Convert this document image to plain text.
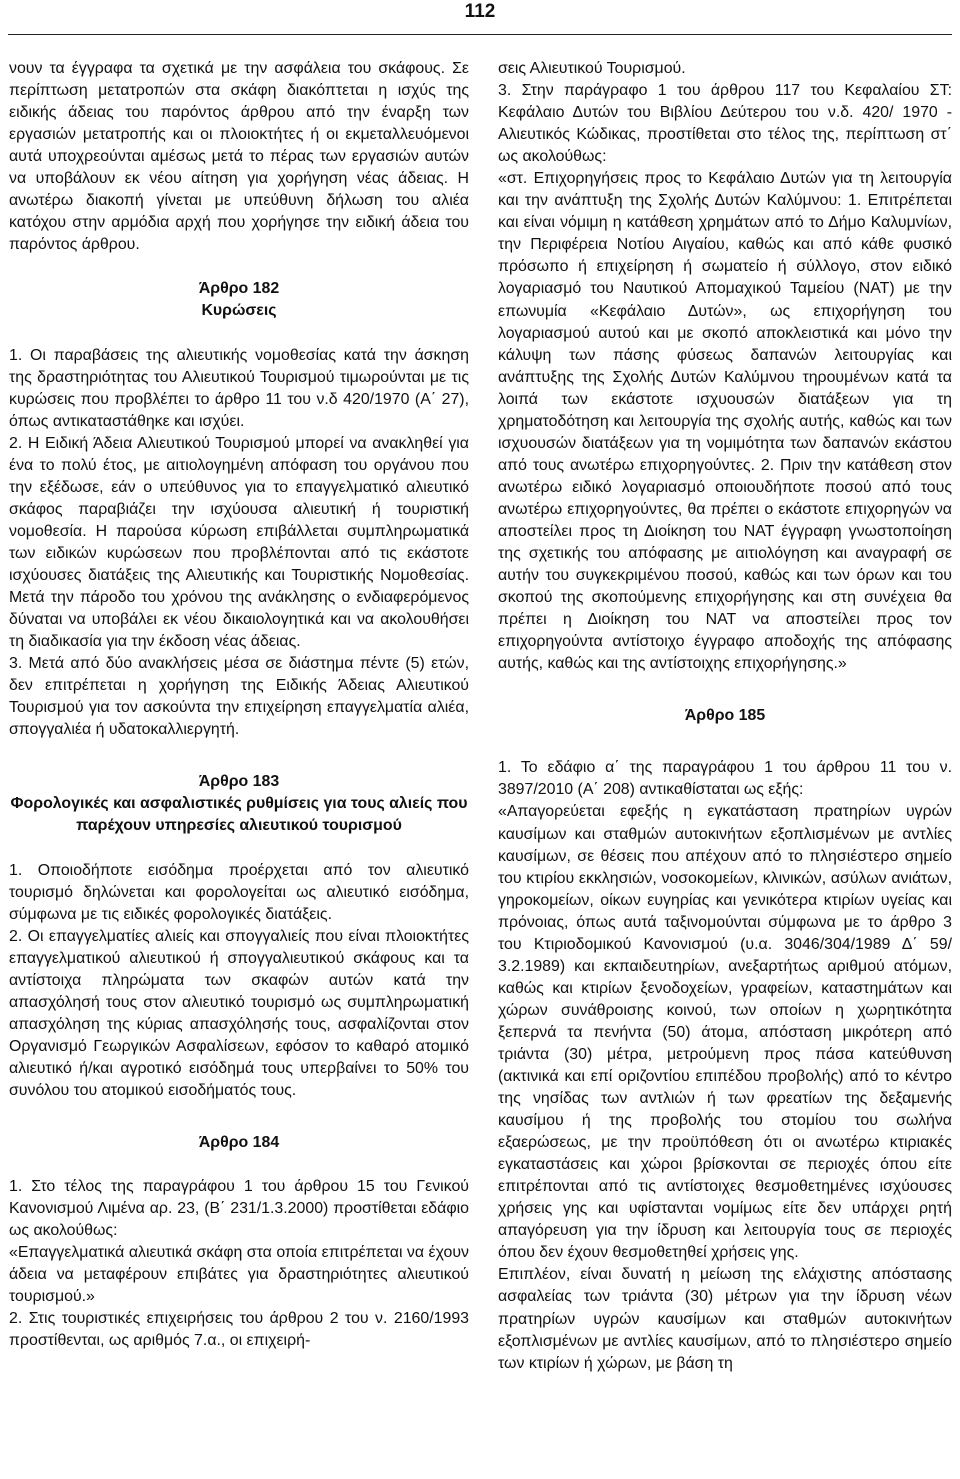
112

νουν τα έγγραφα τα σχετικά με την ασφάλεια του σκάφους. Σε περίπτωση μετατροπών στα σκάφη διακόπτεται η ισχύς της ειδικής άδειας του παρόντος άρθρου από την έναρξη των εργασιών μετατροπής και οι πλοιοκτήτες ή οι εκμεταλλευόμενοι αυτά υποχρεούνται αμέσως μετά το πέρας των εργασιών αυτών να υποβάλουν εκ νέου αίτηση για χορήγηση νέας άδειας. Η ανωτέρω διακοπή γίνεται με υπεύθυνη δήλωση του αλιέα κατόχου στην αρμόδια αρχή που χορήγησε την ειδική άδεια του παρόντος άρθρου.

Άρθρο 182
Κυρώσεις

1. Οι παραβάσεις της αλιευτικής νομοθεσίας κατά την άσκηση της δραστηριότητας του Αλιευτικού Τουρισμού τιμωρούνται με τις κυρώσεις που προβλέπει το άρθρο 11 του ν.δ 420/1970 (Α΄ 27), όπως αντικαταστάθηκε και ισχύει.

2. Η Ειδική Άδεια Αλιευτικού Τουρισμού μπορεί να ανακληθεί για ένα το πολύ έτος, με αιτιολογημένη απόφαση του οργάνου που την εξέδωσε, εάν ο υπεύθυνος για το επαγγελματικό αλιευτικό σκάφος παραβιάζει την ισχύουσα αλιευτική ή τουριστική νομοθεσία. Η παρούσα κύρωση επιβάλλεται συμπληρωματικά των ειδικών κυρώσεων που προβλέπονται από τις εκάστοτε ισχύουσες διατάξεις της Αλιευτικής και Τουριστικής Νομοθεσίας. Μετά την πάροδο του χρόνου της ανάκλησης ο ενδιαφερόμενος δύναται να υποβάλει εκ νέου δικαιολογητικά και να ακολουθήσει τη διαδικασία για την έκδοση νέας άδειας.

3. Μετά από δύο ανακλήσεις μέσα σε διάστημα πέντε (5) ετών, δεν επιτρέπεται η χορήγηση της Ειδικής Άδειας Αλιευτικού Τουρισμού για τον ασκούντα την επιχείρηση επαγγελματία αλιέα, σπογγαλιέα ή υδατοκαλλιεργητή.

Άρθρο 183
Φορολογικές και ασφαλιστικές ρυθμίσεις για τους αλιείς που παρέχουν υπηρεσίες αλιευτικού τουρισμού

1. Οποιοδήποτε εισόδημα προέρχεται από τον αλιευτικό τουρισμό δηλώνεται και φορολογείται ως αλιευτικό εισόδημα, σύμφωνα με τις ειδικές φορολογικές διατάξεις.

2. Οι επαγγελματίες αλιείς και σπογγαλιείς που είναι πλοιοκτήτες επαγγελματικού αλιευτικού ή σπογγαλιευτικού σκάφους και τα αντίστοιχα πληρώματα των σκαφών αυτών κατά την απασχόλησή τους στον αλιευτικό τουρισμό ως συμπληρωματική απασχόληση της κύριας απασχόλησής τους, ασφαλίζονται στον Οργανισμό Γεωργικών Ασφαλίσεων, εφόσον το καθαρό ατομικό αλιευτικό ή/και αγροτικό εισόδημά τους υπερβαίνει το 50% του συνόλου του ατομικού εισοδήματός τους.

Άρθρο 184

1. Στο τέλος της παραγράφου 1 του άρθρου 15 του Γενικού Κανονισμού Λιμένα αρ. 23, (Β΄ 231/1.3.2000) προστίθεται εδάφιο ως ακολούθως:

«Επαγγελματικά αλιευτικά σκάφη στα οποία επιτρέπεται να έχουν άδεια να μεταφέρουν επιβάτες για δραστηριότητες αλιευτικού τουρισμού.»

2. Στις τουριστικές επιχειρήσεις του άρθρου 2 του ν. 2160/1993 προστίθενται, ως αριθμός 7.α., οι επιχειρή-

σεις Αλιευτικού Τουρισμού.

3. Στην παράγραφο 1 του άρθρου 117 του Κεφαλαίου ΣΤ: Κεφάλαιο Δυτών του Βιβλίου Δεύτερου του ν.δ. 420/ 1970 - Αλιευτικός Κώδικας, προστίθεται στο τέλος της, περίπτωση στ΄ ως ακολούθως:

«στ. Επιχορηγήσεις προς το Κεφάλαιο Δυτών για τη λειτουργία και την ανάπτυξη της Σχολής Δυτών Καλύμνου: 1. Επιτρέπεται και είναι νόμιμη η κατάθεση χρημάτων από το Δήμο Καλυμνίων, την Περιφέρεια Νοτίου Αιγαίου, καθώς και από κάθε φυσικό πρόσωπο ή επιχείρηση ή σωματείο ή σύλλογο, στον ειδικό λογαριασμό του Ναυτικού Απομαχικού Ταμείου (ΝΑΤ) με την επωνυμία «Κεφάλαιο Δυτών», ως επιχορήγηση του λογαριασμού αυτού και με σκοπό αποκλειστικά και μόνο την κάλυψη των πάσης φύσεως δαπανών λειτουργίας και ανάπτυξης της Σχολής Δυτών Καλύμνου τηρουμένων κατά τα λοιπά των εκάστοτε ισχυουσών διατάξεων για τη χρηματοδότηση και λειτουργία της σχολής αυτής, καθώς και των ισχυουσών διατάξεων για τη νομιμότητα των δαπανών εκάστου από τους ανωτέρω επιχορηγούντες. 2. Πριν την κατάθεση στον ανωτέρω ειδικό λογαριασμό οποιουδήποτε ποσού από τους ανωτέρω επιχορηγούντες, θα πρέπει ο εκάστοτε επιχορηγών να αποστείλει προς τη Διοίκηση του ΝΑΤ έγγραφη γνωστοποίηση της σχετικής του απόφασης με αιτιολόγηση και αναγραφή σε αυτήν του συγκεκριμένου ποσού, καθώς και των όρων και του σκοπού της σκοπούμενης επιχορήγησης και στη συνέχεια θα πρέπει η Διοίκηση του ΝΑΤ να αποστείλει προς τον επιχορηγούντα αντίστοιχο έγγραφο αποδοχής της απόφασης αυτής, καθώς και της αντίστοιχης επιχορήγησης.»

Άρθρο 185

1. Το εδάφιο α΄ της παραγράφου 1 του άρθρου 11 του ν. 3897/2010 (Α΄ 208) αντικαθίσταται ως εξής:

«Απαγορεύεται εφεξής η εγκατάσταση πρατηρίων υγρών καυσίμων και σταθμών αυτοκινήτων εξοπλισμένων με αντλίες καυσίμων, σε θέσεις που απέχουν από το πλησιέστερο σημείο του κτιρίου εκκλησιών, νοσοκομείων, κλινικών, ασύλων ανιάτων, γηροκομείων, οίκων ευγηρίας και γενικότερα κτιρίων υγείας και πρόνοιας, όπως αυτά ταξινομούνται σύμφωνα με το άρθρο 3 του Κτιριοδομικού Κανονισμού (υ.α. 3046/304/1989 Δ΄ 59/ 3.2.1989) και εκπαιδευτηρίων, ανεξαρτήτως αριθμού ατόμων, καθώς και κτιρίων ξενοδοχείων, γραφείων, καταστημάτων και χώρων συνάθροισης κοινού, των οποίων η χωρητικότητα ξεπερνά τα πενήντα (50) άτομα, απόσταση μικρότερη από τριάντα (30) μέτρα, μετρούμενη προς πάσα κατεύθυνση (ακτινικά και επί οριζοντίου επιπέδου προβολής) από το κέντρο της νησίδας των αντλιών ή των φρεατίων της δεξαμενής καυσίμου ή της προβολής του στομίου του σωλήνα εξαερώσεως, με την προϋπόθεση ότι οι ανωτέρω κτιριακές εγκαταστάσεις και χώροι βρίσκονται σε περιοχές όπου είτε επιτρέπονται από τις αντίστοιχες θεσμοθετημένες ισχύουσες χρήσεις γης και υφίστανται νομίμως είτε δεν υπάρχει ρητή απαγόρευση για την ίδρυση και λειτουργία τους σε περιοχές όπου δεν έχουν θεσμοθετηθεί χρήσεις γης.

Επιπλέον, είναι δυνατή η μείωση της ελάχιστης απόστασης ασφαλείας των τριάντα (30) μέτρων για την ίδρυση νέων πρατηρίων υγρών καυσίμων και σταθμών αυτοκινήτων εξοπλισμένων με αντλίες καυσίμων, από το πλησιέστερο σημείο των κτιρίων ή χώρων, με βάση τη
